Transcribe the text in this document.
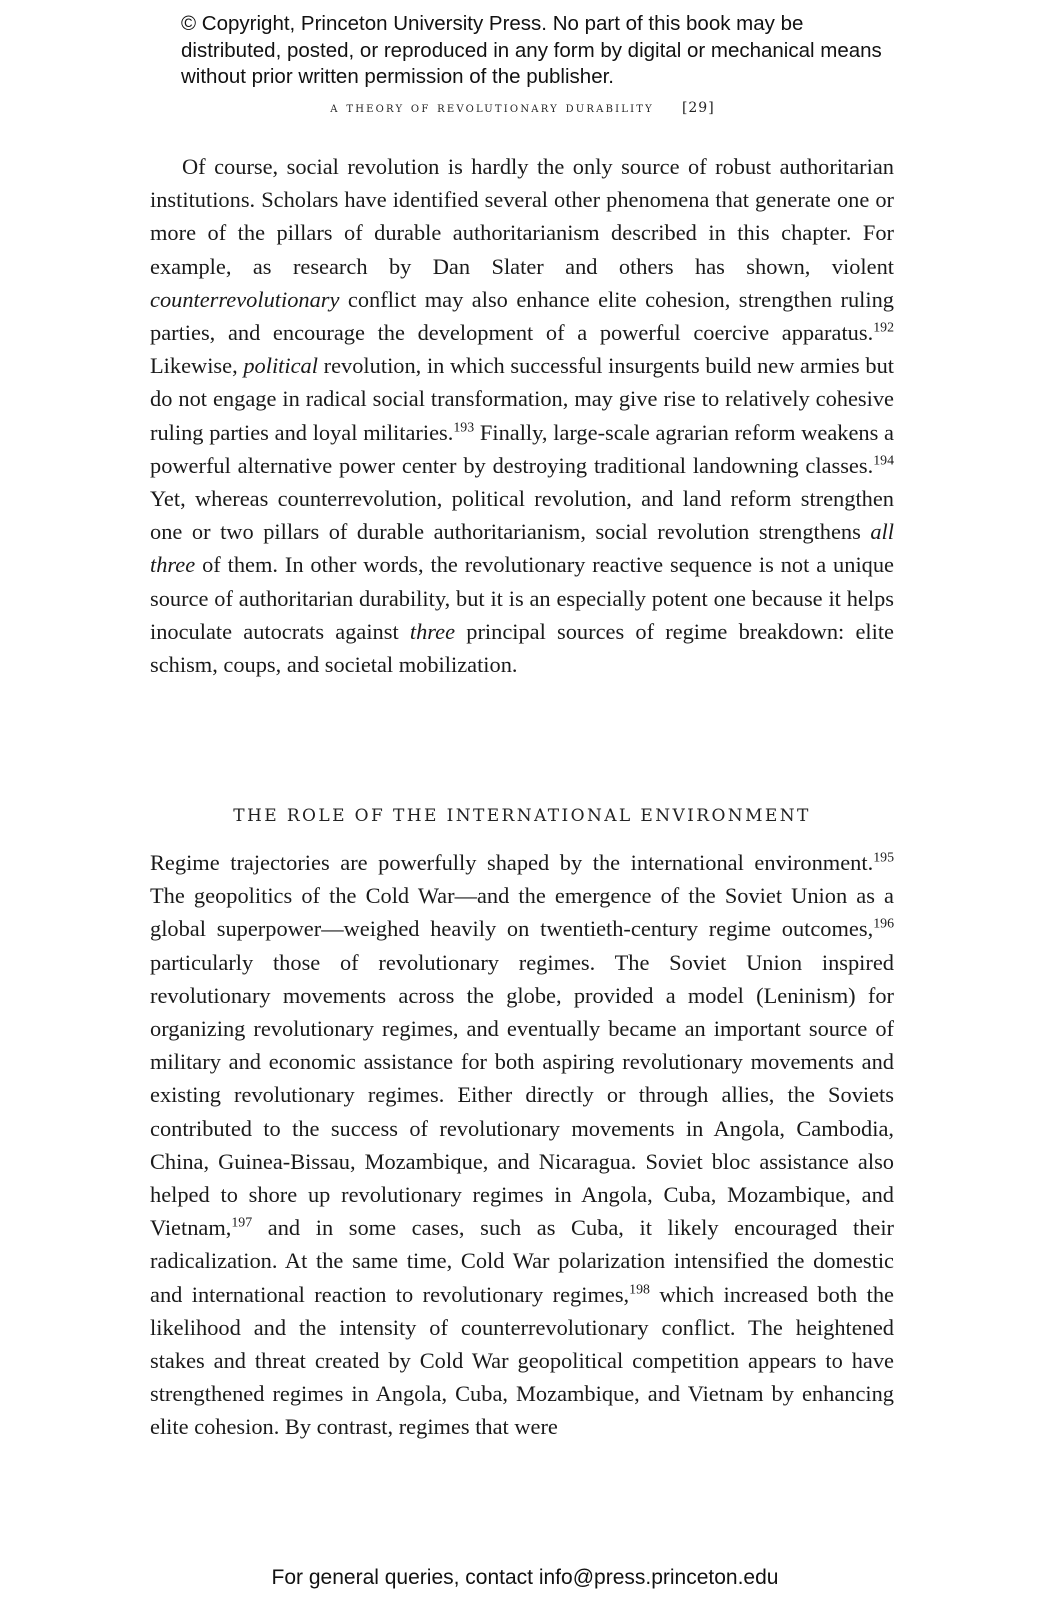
© Copyright, Princeton University Press. No part of this book may be distributed, posted, or reproduced in any form by digital or mechanical means without prior written permission of the publisher.
a theory of revolutionary durability [29]

Of course, social revolution is hardly the only source of robust authoritarian institutions. Scholars have identified several other phenomena that generate one or more of the pillars of durable authoritarianism described in this chapter. For example, as research by Dan Slater and others has shown, violent counterrevolutionary conflict may also enhance elite cohesion, strengthen ruling parties, and encourage the development of a powerful coercive apparatus.$^{192}$ Likewise, political revolution, in which successful insurgents build new armies but do not engage in radical social transformation, may give rise to relatively cohesive ruling parties and loyal militaries.$^{193}$ Finally, large-scale agrarian reform weakens a powerful alternative power center by destroying traditional landowning classes.$^{194}$ Yet, whereas counterrevolution, political revolution, and land reform strengthen one or two pillars of durable authoritarianism, social revolution strengthens all three of them. In other words, the revolutionary reactive sequence is not a unique source of authoritarian durability, but it is an especially potent one because it helps inoculate autocrats against three principal sources of regime breakdown: elite schism, coups, and societal mobilization.

THE ROLE OF THE INTERNATIONAL ENVIRONMENT

Regime trajectories are powerfully shaped by the international environment.$^{195}$ The geopolitics of the Cold War—and the emergence of the Soviet Union as a global superpower—weighed heavily on twentieth-century regime outcomes,$^{196}$ particularly those of revolutionary regimes. The Soviet Union inspired revolutionary movements across the globe, provided a model (Leninism) for organizing revolutionary regimes, and eventually became an important source of military and economic assistance for both aspiring revolutionary movements and existing revolutionary regimes. Either directly or through allies, the Soviets contributed to the success of revolutionary movements in Angola, Cambodia, China, Guinea-Bissau, Mozambique, and Nicaragua. Soviet bloc assistance also helped to shore up revolutionary regimes in Angola, Cuba, Mozambique, and Vietnam,$^{197}$ and in some cases, such as Cuba, it likely encouraged their radicalization. At the same time, Cold War polarization intensified the domestic and international reaction to revolutionary regimes,$^{198}$ which increased both the likelihood and the intensity of counterrevolutionary conflict. The heightened stakes and threat created by Cold War geopolitical competition appears to have strengthened regimes in Angola, Cuba, Mozambique, and Vietnam by enhancing elite cohesion. By contrast, regimes that were

For general queries, contact info@press.princeton.edu
